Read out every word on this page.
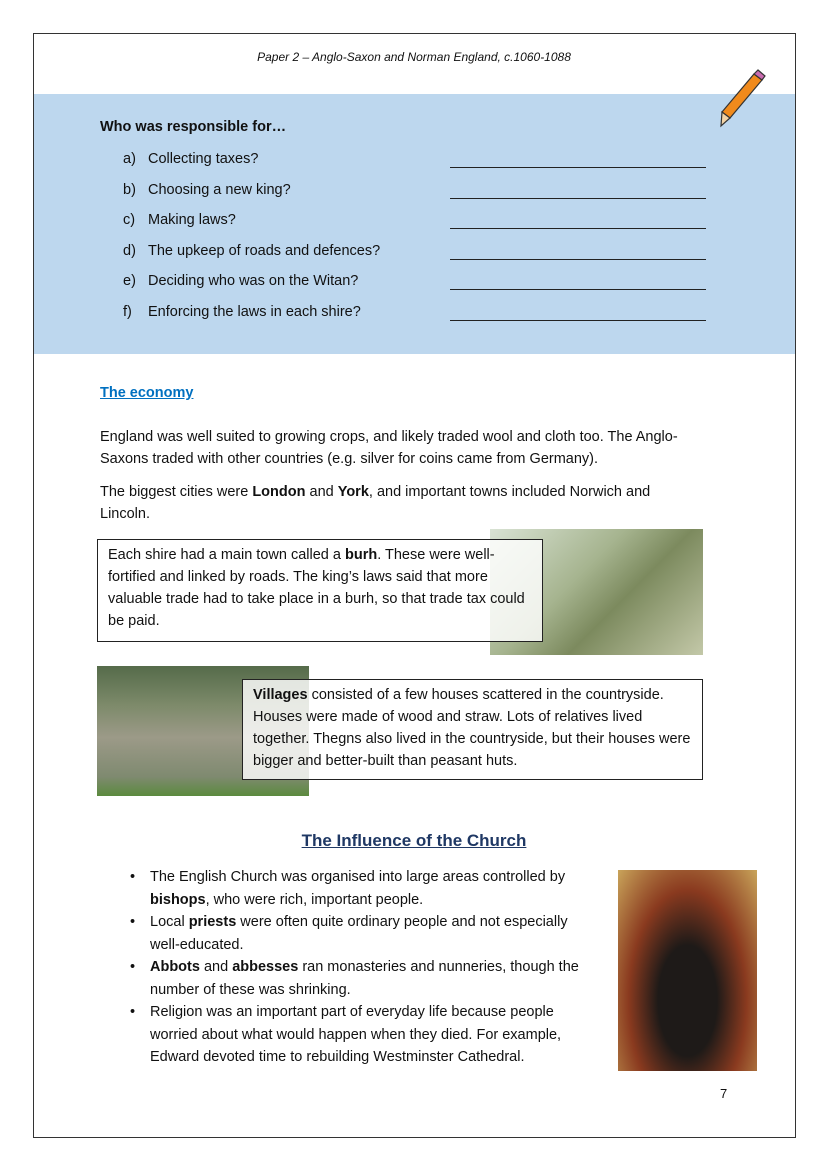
Paper 2 – Anglo-Saxon and Norman England, c.1060-1088
Who was responsible for…
a) Collecting taxes?
b) Choosing a new king?
c) Making laws?
d) The upkeep of roads and defences?
e) Deciding who was on the Witan?
f) Enforcing the laws in each shire?
The economy
England was well suited to growing crops, and likely traded wool and cloth too. The Anglo-Saxons traded with other countries (e.g. silver for coins came from Germany).
The biggest cities were London and York, and important towns included Norwich and Lincoln.
Each shire had a main town called a burh. These were well-fortified and linked by roads. The king’s laws said that more valuable trade had to take place in a burh, so that trade tax could be paid.
Villages consisted of a few houses scattered in the countryside. Houses were made of wood and straw. Lots of relatives lived together. Thegns also lived in the countryside, but their houses were bigger and better-built than peasant huts.
The Influence of the Church
• The English Church was organised into large areas controlled by bishops, who were rich, important people.
• Local priests were often quite ordinary people and not especially well-educated.
• Abbots and abbesses ran monasteries and nunneries, though the number of these was shrinking.
• Religion was an important part of everyday life because people worried about what would happen when they died. For example, Edward devoted time to rebuilding Westminster Cathedral.
7
